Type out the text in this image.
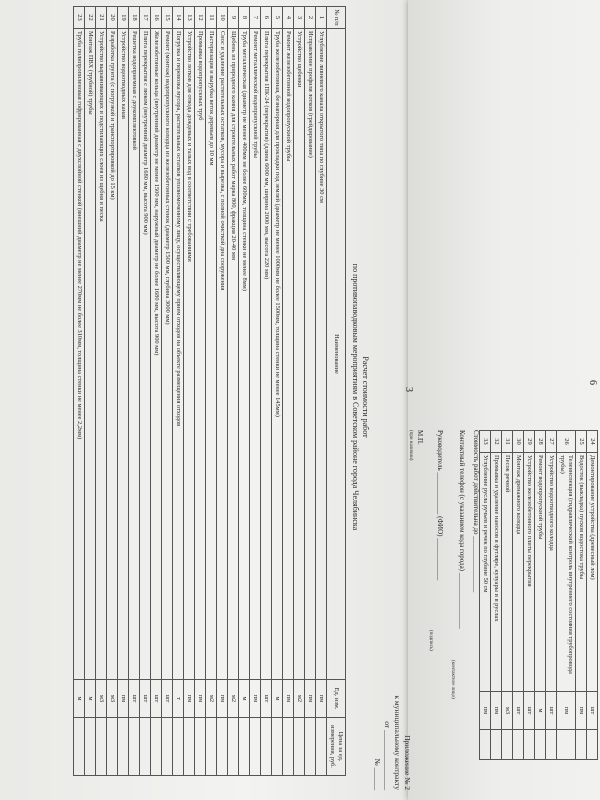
3
Приложение № 2
к муниципальному контракту
от ________________
№ ______
Расчет стоимости работ
по противопаводковым мероприятиям в Советском районе города Челябинска
№ п/п	Наименование	Ед. изм.	Цена за ед. измерения, руб.
1	Углубление ливневого канала открытого типа по глубине 30 см	пм	
2	Исправление профиля лотков (грейдирование)	пм	
3	Устройство щебенки	м2	
4	Ремонт железобетонной водопропускной трубы	пм	
5	Труба железобетонная, безнапорная для прокладки под землей (диаметр не менее 1000мм не более 1500мм, толщина стенки не менее 145мм)	м	
6	Плита перекрытия 1ПК-24 (перекрытия) (длина 6000 мм, ширина 2000 мм, высота 220 мм)	шт	
7	Ремонт металлической водопропускной трубы	пм	
8	Труба металлическая (диаметр не менее 400мм не более 600мм, толщина стенки не менее 8мм)	м	
9	Щебень из природного камня для строительных работ марка 800, фракция 20-40 мм	м2	
10	Снос и удаление растительных остатков, мусора и вырезка, с полной очисткой дна сооружения	пм	
11	Пастеризация и вырубка веток деревьев до 10 мм	м2	
12	Промывка водопропускных труб	пм	
13	Устройство лотков для отвода дождевых и талых вод в соответствии с требованиями	пм	
14	Погрузка и перевозка мусора, растительных остатков уполномоченному лицу, осуществляющему прием отходов на объекте размещения отходов	т	
15	Ремонт (монтаж) водопропускного колодца из железобетонных стенок (диаметр 1500 мм, глубина 3000 мм)	шт	
16	Железобетонные кольца (внутренний диаметр не менее 1500 мм, наружный диаметр не более 1680 мм, высота 900 мм)	шт	
17	Плита перекрытия с люком (внутренний диаметр 1680 мм, высота 900 мм)	шт	
18	Решетка водоприемная с доукомплектовкой	шт	
19	Устройство водоотводных канав	пм	
20	Разработка грунта (с погрузкой и транспортировкой до 15 км)	м3	
21	Устройство выравнивающих и подстилающих слоев из щебня и песка	м3	
22	Монтаж ПВХ (трубной) трубы	м	
23	Труба полипропиленовая гофрированная с двухслойной стенкой (внешний диаметр не менее 270мм не более 310мм, толщина стенки не менее 2,2мм)	м	
24	Демонтирование устройства (древесный лом)	шт	
25	Водосток (выкладка) пусков водостока трубы	пм	
26	Телеинспекция (гидравлический контроль внутреннего состояния трубопровода трубы)	пм	
27	Устройство водоотводного колодца	шт	
28	Ремонт водопропускной трубы	м	
29	Устройство железобетонного плиты перекрытия	шт	
30	Монтаж дренажного колодца	шт	
31	Песок речной	м3	
32	Промывка и удаление наносов в футляре, кулуары и в руслах	пм	
33	Углубление русла ручьев и речек по глубине 50 см	пм	
6
Стоимость работ действительна до ________________
Контактный телефон (с указанием кода города) ________________
(контактное лицо)
Руководитель ____________ (ФИО) ____________
(подпись)
М.П.
(при наличии)
